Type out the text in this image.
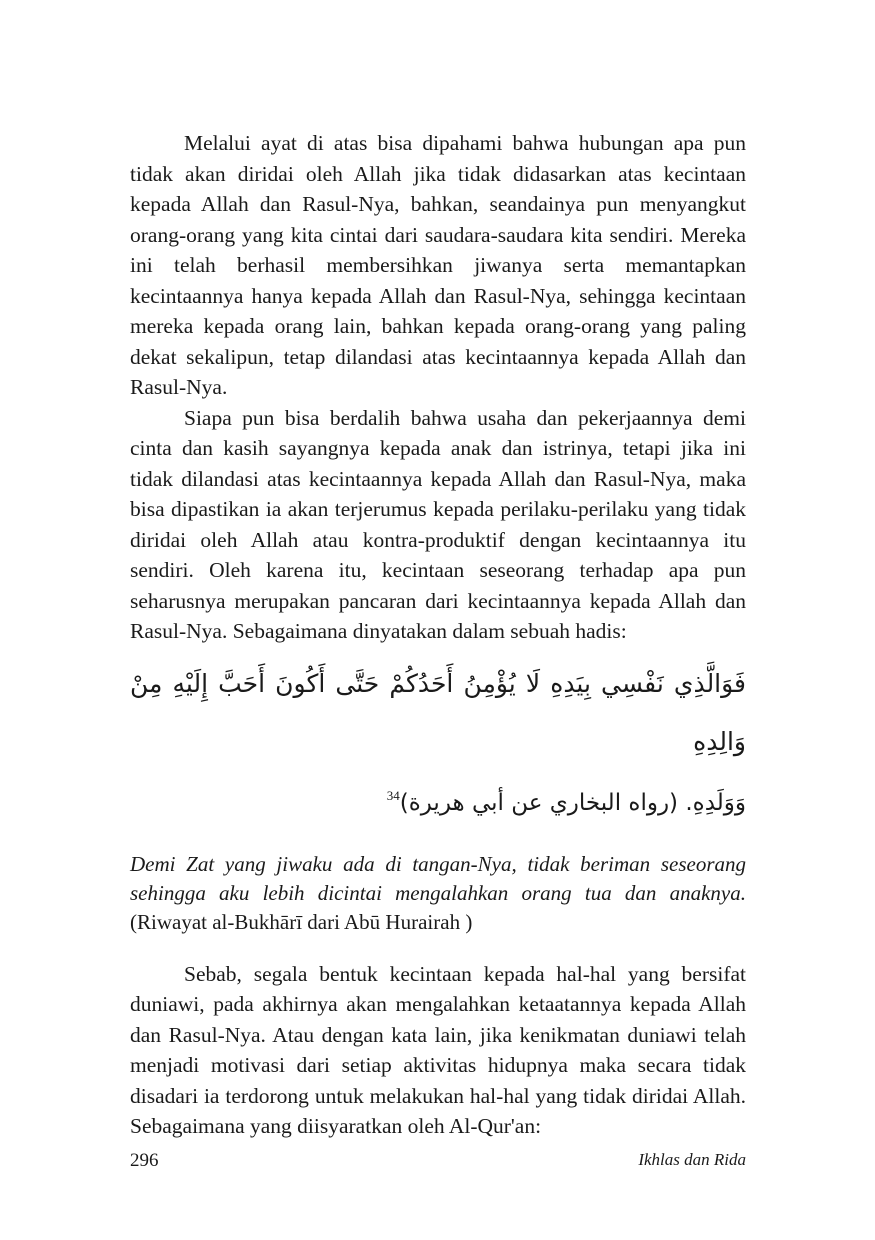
Melalui ayat di atas bisa dipahami bahwa hubungan apa pun tidak akan diridai oleh Allah jika tidak didasarkan atas kecintaan kepada Allah dan Rasul-Nya, bahkan, seandainya pun menyangkut orang-orang yang kita cintai dari saudara-saudara kita sendiri. Mereka ini telah berhasil membersihkan jiwanya serta memantapkan kecintaannya hanya kepada Allah dan Rasul-Nya, sehingga kecintaan mereka kepada orang lain, bahkan kepada orang-orang yang paling dekat sekalipun, tetap dilandasi atas kecintaannya kepada Allah dan Rasul-Nya.

Siapa pun bisa berdalih bahwa usaha dan pekerjaannya demi cinta dan kasih sayangnya kepada anak dan istrinya, tetapi jika ini tidak dilandasi atas kecintaannya kepada Allah dan Rasul-Nya, maka bisa dipastikan ia akan terjerumus kepada perilaku-perilaku yang tidak diridai oleh Allah atau kontra-produktif dengan kecintaannya itu sendiri. Oleh karena itu, kecintaan seseorang terhadap apa pun seharusnya merupakan pancaran dari kecintaannya kepada Allah dan Rasul-Nya. Sebagaimana dinyatakan dalam sebuah hadis:

فَوَالَّذِي نَفْسِي بِيَدِهِ لَا يُؤْمِنُ أَحَدُكُمْ حَتَّى أَكُونَ أَحَبَّ إِلَيْهِ مِنْ وَالِدِهِ
وَوَلَدِهِ. (رواه البخاري عن أبي هريرة)$^{34}$

Demi Zat yang jiwaku ada di tangan-Nya, tidak beriman seseorang sehingga aku lebih dicintai mengalahkan orang tua dan anaknya. (Riwayat al-Bukhārī dari Abū Hurairah )

Sebab, segala bentuk kecintaan kepada hal-hal yang bersifat duniawi, pada akhirnya akan mengalahkan ketaatannya kepada Allah dan Rasul-Nya. Atau dengan kata lain, jika kenikmatan duniawi telah menjadi motivasi dari setiap aktivitas hidupnya maka secara tidak disadari ia terdorong untuk melakukan hal-hal yang tidak diridai Allah. Sebagaimana yang diisyaratkan oleh Al-Qur'an:

296	Ikhlas dan Rida
